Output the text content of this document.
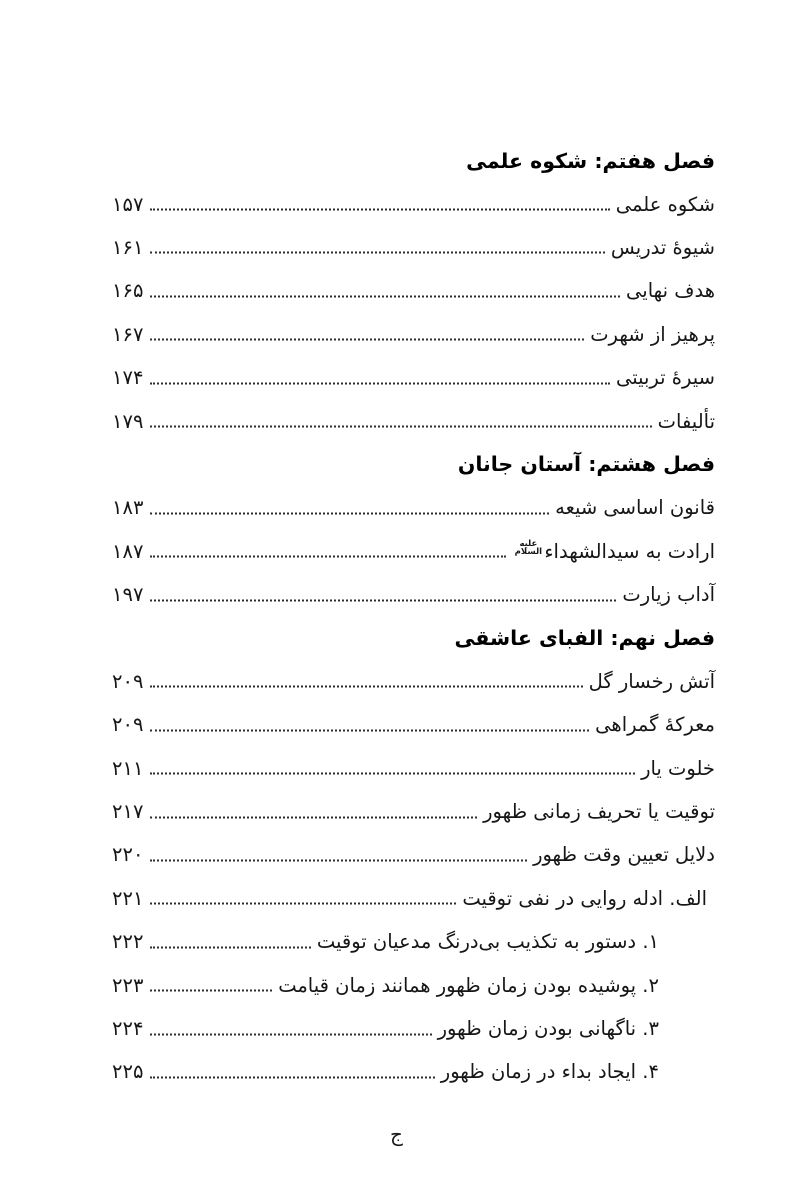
فصل هفتم: شکوه علمی
شکوه علمی
۱۵۷
شیوهٔ تدریس
۱۶۱
هدف نهایی
۱۶۵
پرهیز از شهرت
۱۶۷
سیرهٔ تربیتی
۱۷۴
تألیفات
۱۷۹
فصل هشتم: آستان جانان
قانون اساسی شیعه
۱۸۳
ارادت به سیدالشهداء
علیه السلام
۱۸۷
آداب زیارت
۱۹۷
فصل نهم: الفبای عاشقی
آتش رخسار گل
۲۰۹
معرکهٔ گمراهی
۲۰۹
خلوت یار
۲۱۱
توقیت یا تحریف زمانی ظهور
۲۱۷
دلایل تعیین وقت ظهور
۲۲۰
الف. ادله روایی در نفی توقیت
۲۲۱
۱. دستور به تکذیب بی‌درنگ مدعیان توقیت
۲۲۲
۲. پوشیده بودن زمان ظهور همانند زمان قیامت
۲۲۳
۳. ناگهانی بودن زمان ظهور
۲۲۴
۴. ایجاد بداء در زمان ظهور
۲۲۵
ج
